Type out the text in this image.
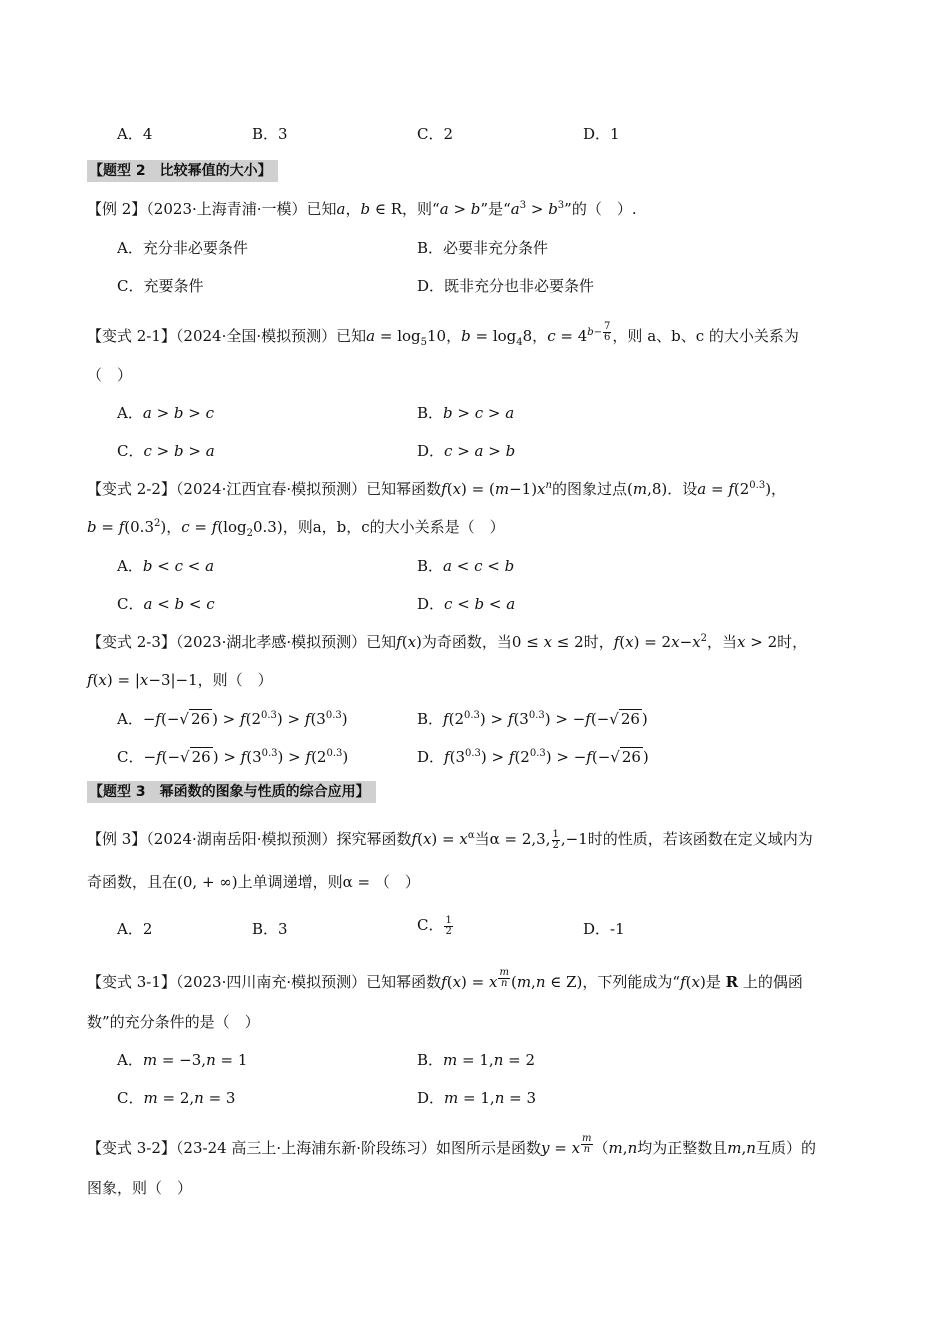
A．4	B．3	C．2	D．1
【题型 2　比较幂值的大小】
【例 2】（2023·上海青浦·一模）已知a，b ∈ R，则“a > b”是“$a^3 > b^3$”的（　）.
A．充分非必要条件	B．必要非充分条件
C．充要条件	D．既非充分也非必要条件
【变式 2-1】（2024·全国·模拟预测）已知$a = \log_510$，$b = \log_48$，$c = 4^{b- \frac{7}{6}}$ ，则 a、b、c 的大小关系为
（　）
A．a > b > c	B．b > c > a
C．c > b > a	D．c > a > b
【变式 2-2】（2024·江西宜春·模拟预测）已知幂函数$f(x) = (m-1)x^n$的图象过点(m,8)．设$a = f(2^{0.3})$，
$b = f(0.3^2)$，$c = f(\log_20.3)$，则a，b，c的大小关系是（　）
A．b < c < a	B．a < c < b
C．a < b < c	D．c < b < a
【变式 2-3】（2023·湖北孝感·模拟预测）已知f(x)为奇函数，当0 ≤ x ≤ 2时，$f(x) = 2x-x^2$，当x > 2时，
f(x) = |x−3|−1，则（　）
A．−f(−√ 26 ) > $f(2^{0.3}) > f(3^{0.3})$	B．$f(2^{0.3}) > f(3^{0.3}) > -f(-√$ 26 )
C．−f(−√ 26 ) > $f(3^{0.3}) > f(2^{0.3})$	D．$f(3^{0.3}) > f(2^{0.3}) > -f(-√$ 26 )
【题型 3　幂函数的图象与性质的综合应用】
【例 3】（2024·湖南岳阳·模拟预测）探究幂函数$f(x) = x^\alpha$当α = 2,3, $\frac{1}{2} ,-1$时的性质，若该函数在定义域内为
奇函数，且在(0, + ∞)上单调递增，则α = （　）
A．2	B．3	C． $\frac{1}{2}$	D．-1
【变式 3-1】（2023·四川南充·模拟预测）已知幂函数f(x) = x $^{\frac{m}{n}}$ (m,n ∈ Z)，下列能成为“f(x)是 R 上的偶函
数”的充分条件的是（　）
A．m = −3,n = 1	B．m = 1,n = 2
C．m = 2,n = 3	D．m = 1,n = 3
【变式 3-2】（23-24 高三上·上海浦东新·阶段练习）如图所示是函数y = x $^{\frac{m}{n}}$ （m,n均为正整数且m,n互质）的
图象，则（　）
